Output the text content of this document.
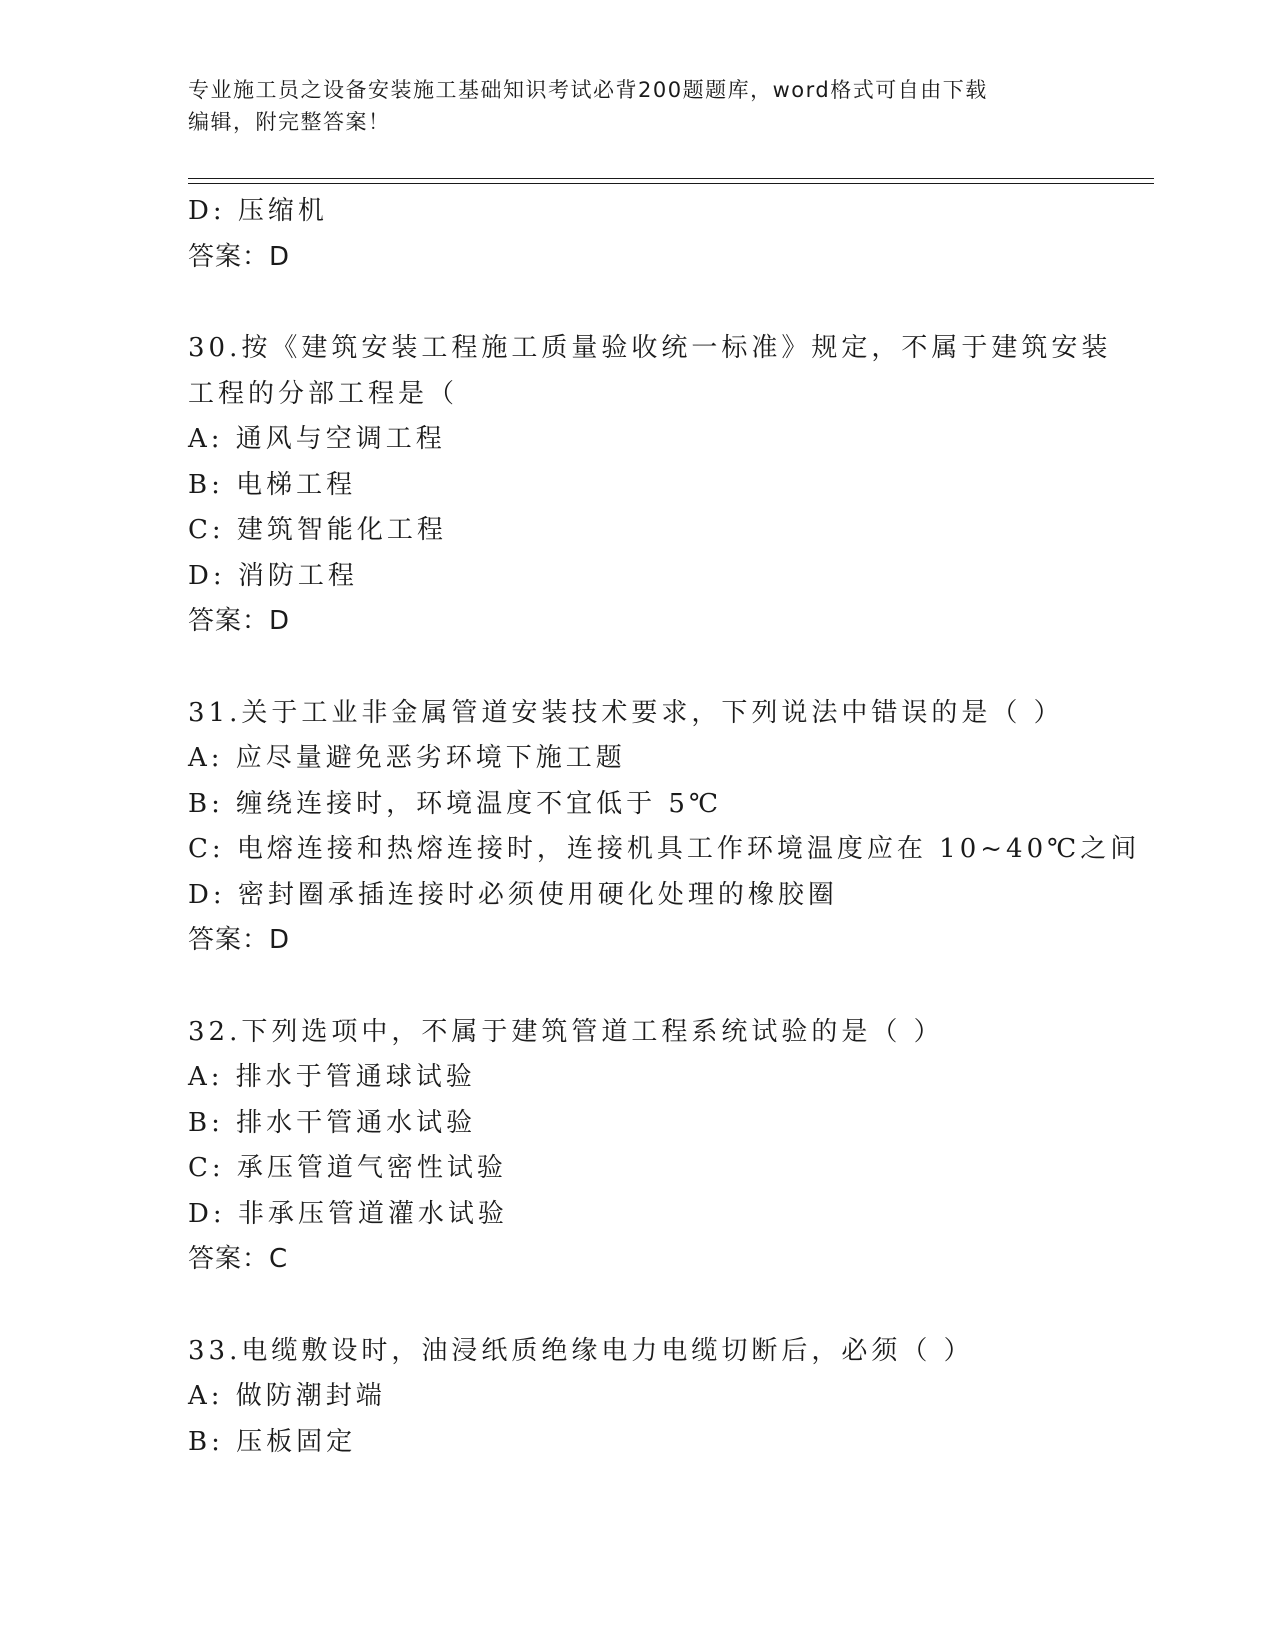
专业施工员之设备安装施工基础知识考试必背200题题库，word格式可自由下载
编辑，附完整答案！
D: 压缩机
答案：D
30.按《建筑安装工程施工质量验收统一标准》规定，不属于建筑安装
工程的分部工程是（
A: 通风与空调工程
B: 电梯工程
C: 建筑智能化工程
D: 消防工程
答案：D
31.关于工业非金属管道安装技术要求，下列说法中错误的是（ ）
A: 应尽量避免恶劣环境下施工题
B: 缠绕连接时，环境温度不宜低于 5℃
C: 电熔连接和热熔连接时，连接机具工作环境温度应在 10~40℃之间
D: 密封圈承插连接时必须使用硬化处理的橡胶圈
答案：D
32.下列选项中，不属于建筑管道工程系统试验的是（ ）
A: 排水于管通球试验
B: 排水干管通水试验
C: 承压管道气密性试验
D: 非承压管道灌水试验
答案：C
33.电缆敷设时，油浸纸质绝缘电力电缆切断后，必须（ ）
A: 做防潮封端
B: 压板固定
